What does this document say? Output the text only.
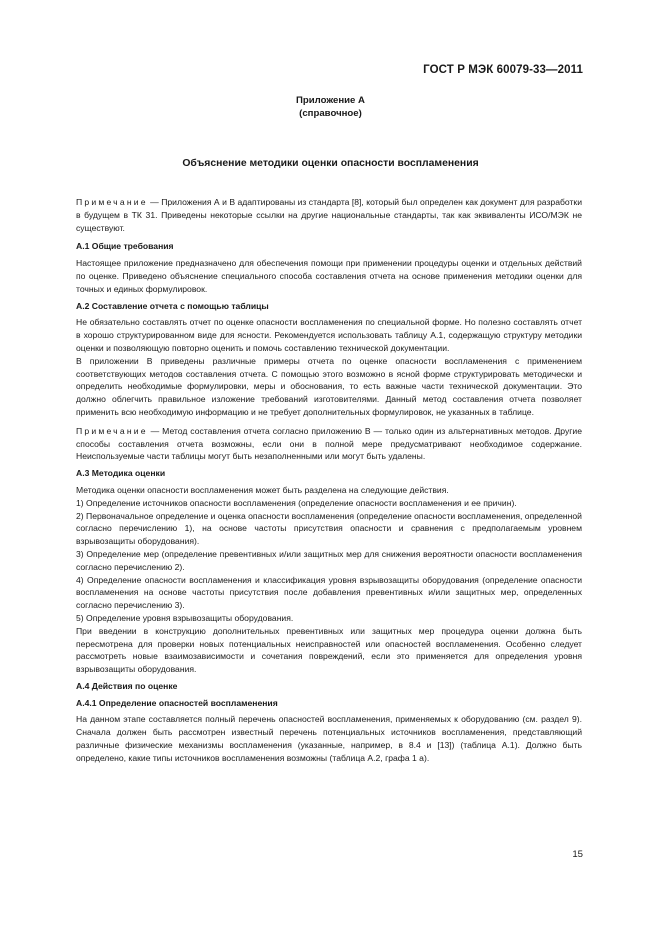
ГОСТ Р МЭК 60079-33—2011
Приложение А
(справочное)
Объяснение методики оценки опасности воспламенения

Примечание — Приложения А и В адаптированы из стандарта [8], который был определен как документ для разработки в будущем в ТК 31. Приведены некоторые ссылки на другие национальные стандарты, так как эквиваленты ИСО/МЭК не существуют.

А.1 Общие требования

Настоящее приложение предназначено для обеспечения помощи при применении процедуры оценки и отдельных действий по оценке. Приведено объяснение специального способа составления отчета на основе применения методики оценки для точных и единых формулировок.

А.2 Составление отчета с помощью таблицы

Не обязательно составлять отчет по оценке опасности воспламенения по специальной форме. Но полезно составлять отчет в хорошо структурированном виде для ясности. Рекомендуется использовать таблицу А.1, содержащую структуру методики оценки и позволяющую повторно оценить и помочь составлению технической документации.

В приложении В приведены различные примеры отчета по оценке опасности воспламенения с применением соответствующих методов составления отчета. С помощью этого возможно в ясной форме структурировать методически и определить необходимые формулировки, меры и обоснования, то есть важные части технической документации. Это должно облегчить правильное изложение требований изготовителями. Данный метод составления отчета позволяет применить всю необходимую информацию и не требует дополнительных формулировок, не указанных в таблице.

Примечание — Метод составления отчета согласно приложению В — только один из альтернативных методов. Другие способы составления отчета возможны, если они в полной мере предусматривают необходимое содержание. Неиспользуемые части таблицы могут быть незаполненными или могут быть удалены.

А.3 Методика оценки

Методика оценки опасности воспламенения может быть разделена на следующие действия.

1) Определение источников опасности воспламенения (определение опасности воспламенения и ее причин).

2) Первоначальное определение и оценка опасности воспламенения (определение опасности воспламенения, определенной согласно перечислению 1), на основе частоты присутствия опасности и сравнения с предполагаемым уровнем взрывозащиты оборудования).

3) Определение мер (определение превентивных и/или защитных мер для снижения вероятности опасности воспламенения согласно перечислению 2).

4) Определение опасности воспламенения и классификация уровня взрывозащиты оборудования (определение опасности воспламенения на основе частоты присутствия после добавления превентивных и/или защитных мер, определенных согласно перечислению 3).

5) Определение уровня взрывозащиты оборудования.

При введении в конструкцию дополнительных превентивных или защитных мер процедура оценки должна быть пересмотрена для проверки новых потенциальных неисправностей или опасностей воспламенения. Особенно следует рассмотреть новые взаимозависимости и сочетания повреждений, если это применяется для определения уровня взрывозащиты оборудования.

А.4 Действия по оценке

А.4.1 Определение опасностей воспламенения

На данном этапе составляется полный перечень опасностей воспламенения, применяемых к оборудованию (см. раздел 9). Сначала должен быть рассмотрен известный перечень потенциальных источников воспламенения, представляющий различные физические механизмы воспламенения (указанные, например, в 8.4 и [13]) (таблица А.1). Должно быть определено, какие типы источников воспламенения возможны (таблица А.2, графа 1 а).

15
